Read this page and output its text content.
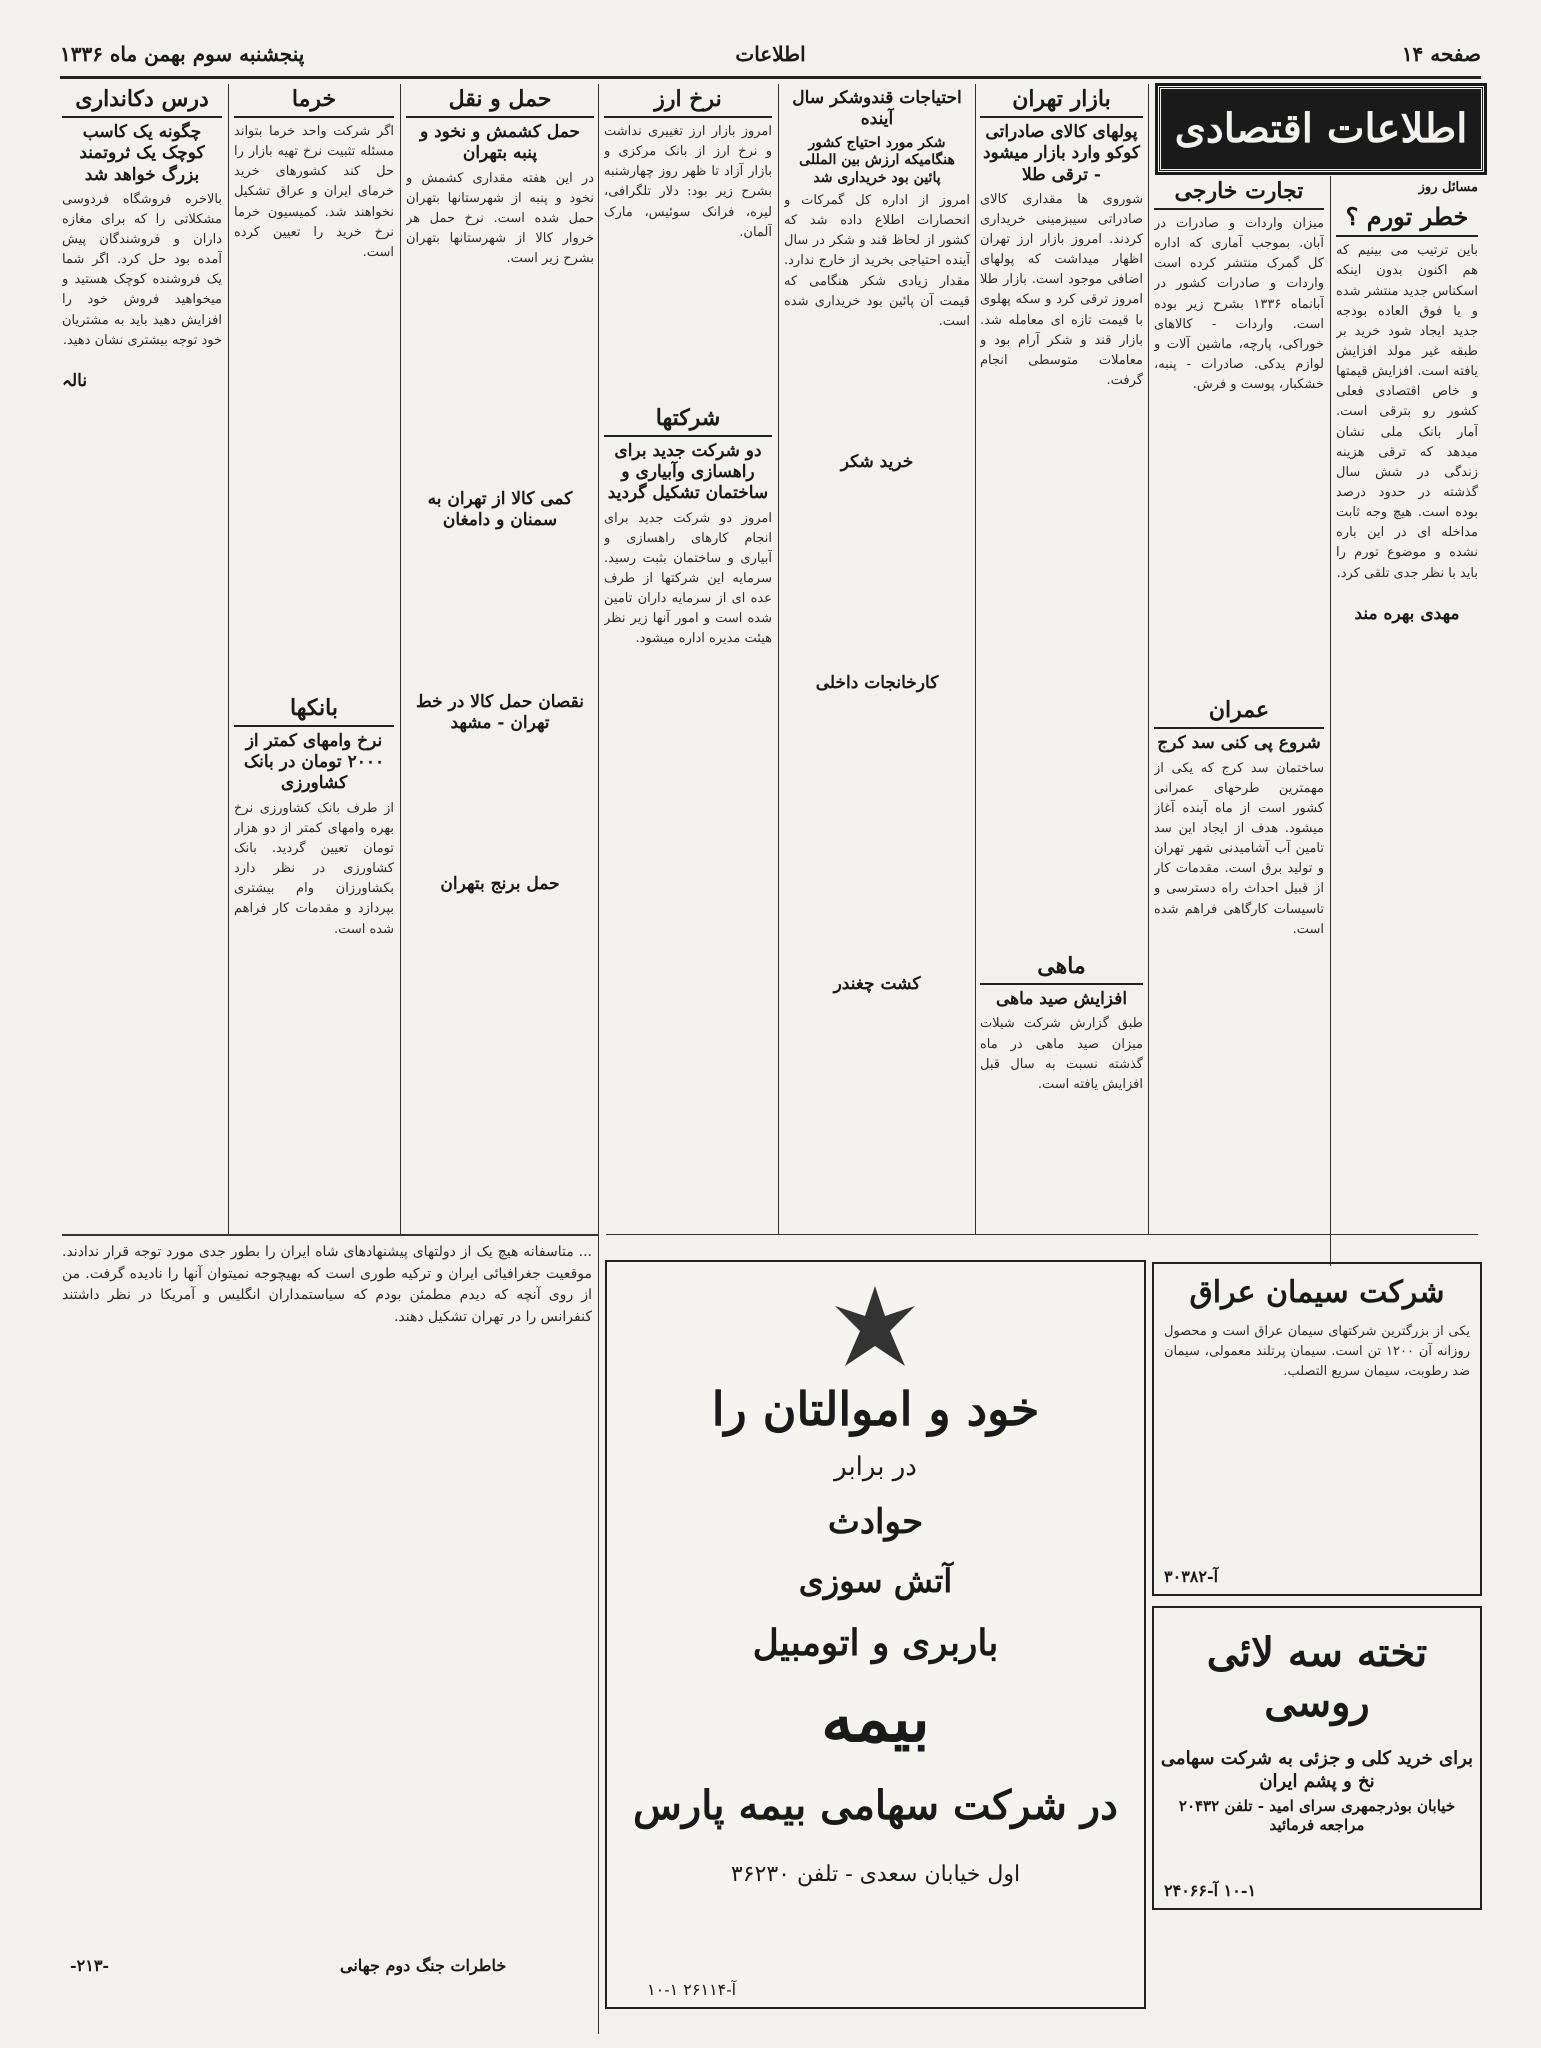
صفحه ۱۴
اطلاعات
پنجشنبه سوم بهمن ماه ۱۳۳۶
اطلاعات اقتصادی
مسائل روز
خطر تورم ؟

باین ترتیب می بینیم که هم اکنون بدون اینکه اسکناس جدید منتشر شده و یا فوق العاده بودجه جدید ایجاد شود خرید بر طبقه غیر مولد افزایش یافته است. افزایش قیمتها و خاص اقتصادی فعلی کشور رو بترقی است. آمار بانک ملی نشان میدهد که ترقی هزینه زندگی در شش سال گذشته در حدود درصد بوده است. هیچ وجه ثابت مداخله ای در این باره نشده و موضوع تورم را باید با نظر جدی تلقی کرد.

مهدی بهره مند
تجارت خارجی

میزان واردات و صادرات در آبان. بموجب آماری که اداره کل گمرک منتشر کرده است واردات و صادرات کشور در آبانماه ۱۳۳۶ بشرح زیر بوده است. واردات - کالاهای خوراکی، پارچه، ماشین آلات و لوازم یدکی. صادرات - پنبه، خشکبار، پوست و فرش.

عمران
شروع پی کنی سد کرج

ساختمان سد کرج که یکی از مهمترین طرحهای عمرانی کشور است از ماه آینده آغاز میشود. هدف از ایجاد این سد تامین آب آشامیدنی شهر تهران و تولید برق است. مقدمات کار از قبیل احداث راه دسترسی و تاسیسات کارگاهی فراهم شده است.

بازار تهران
پولهای کالای صادراتی کوکو وارد بازار میشود - ترقی طلا

شوروی ها مقداری کالای صادراتی سیبزمینی خریداری کردند. امروز بازار ارز تهران اظهار میداشت که پولهای اضافی موجود است. بازار طلا امروز ترقی کرد و سکه پهلوی با قیمت تازه ای معامله شد. بازار قند و شکر آرام بود و معاملات متوسطی انجام گرفت.

ماهی
افزایش صید ماهی

طبق گزارش شرکت شیلات میزان صید ماهی در ماه گذشته نسبت به سال قبل افزایش یافته است.

احتیاجات قندوشکر سال آینده
شکر مورد احتیاج کشور هنگامیکه ارزش بین المللی پائین بود خریداری شد

امروز از اداره کل گمرکات و انحصارات اطلاع داده شد که کشور از لحاظ قند و شکر در سال آینده احتیاجی بخرید از خارج ندارد. مقدار زیادی شکر هنگامی که قیمت آن پائین بود خریداری شده است.

خرید شکر
کارخانجات داخلی
کشت چغندر
نرخ ارز

امروز بازار ارز تغییری نداشت و نرخ ارز از بانک مرکزی و بازار آزاد تا ظهر روز چهارشنبه بشرح زیر بود: دلار تلگرافی، لیره، فرانک سوئیس، مارک آلمان.

شرکتها
دو شرکت جدید برای راهسازی وآبیاری و ساختمان تشکیل گردید

امروز دو شرکت جدید برای انجام کارهای راهسازی و آبیاری و ساختمان بثبت رسید. سرمایه این شرکتها از طرف عده ای از سرمایه داران تامین شده است و امور آنها زیر نظر هیئت مدیره اداره میشود.

حمل و نقل
حمل کشمش و نخود و پنبه بتهران

در این هفته مقداری کشمش و نخود و پنبه از شهرستانها بتهران حمل شده است. نرخ حمل هر خروار کالا از شهرستانها بتهران بشرح زیر است.

کمی کالا از تهران به سمنان و دامغان
نقصان حمل کالا در خط تهران - مشهد
حمل برنج بتهران
خرما

اگر شرکت واحد خرما بتواند مسئله تثبیت نرخ تهیه بازار را حل کند کشورهای خرید خرمای ایران و عراق تشکیل نخواهند شد. کمیسیون خرما نرخ خرید را تعیین کرده است.

بانکها
نرخ وامهای کمتر از ۲۰۰۰ تومان در بانک کشاورزی

از طرف بانک کشاورزی نرخ بهره وامهای کمتر از دو هزار تومان تعیین گردید. بانک کشاورزی در نظر دارد بکشاورزان وام بیشتری بپردازد و مقدمات کار فراهم شده است.

درس دکانداری
چگونه یک کاسب کوچک یک ثروتمند بزرگ خواهد شد

بالاخره فروشگاه فردوسی مشکلاتی را که برای مغازه داران و فروشندگان پیش آمده بود حل کرد. اگر شما یک فروشنده کوچک هستید و میخواهید فروش خود را افزایش دهید باید به مشتریان خود توجه بیشتری نشان دهید.

نالہ

... متاسفانه هیچ یک از دولتهای پیشنهادهای شاه ایران را بطور جدی مورد توجه قرار ندادند. موقعیت جغرافیائی ایران و ترکیه طوری است که بهیچوجه نمیتوان آنها را نادیده گرفت. من از روی آنچه که دیدم مطمئن بودم که سیاستمداران انگلیس و آمریکا در نظر داشتند کنفرانس را در تهران تشکیل دهند.

خاطرات جنگ دوم جهانی
-۲۱۳-
خود و اموالتان را
در برابر
حوادث
آتش سوزی
باربری و اتومبیل
بیمه
در شرکت سهامی بیمه پارس
اول خیابان سعدی - تلفن ۳۶۲۳۰
آ-۲۶۱۱۴ ۱-۱۰
شرکت سیمان عراق

یکی از بزرگترین شرکتهای سیمان عراق است و محصول روزانه آن ۱۲۰۰ تن است. سیمان پرتلند معمولی، سیمان ضد رطوبت، سیمان سریع التصلب.

آ-۳۰۳۸۲
تخته سه لائی روسی
برای خرید کلی و جزئی به شرکت سهامی نخ و پشم ایران
خیابان بوذرجمهری سرای امید - تلفن ۲۰۴۳۲ مراجعه فرمائید
۱۰-۱ آ-۲۴۰۶۶
